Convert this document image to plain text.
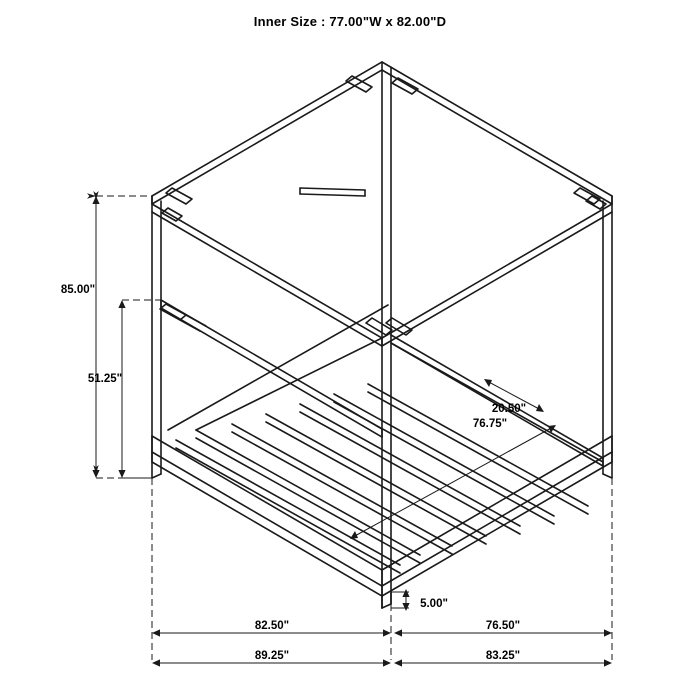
Inner Size : 77.00"W x 82.00"D
85.00"
51.25"
20.50"
76.75"
5.00"
82.50"	76.50"
89.25"	83.25"
